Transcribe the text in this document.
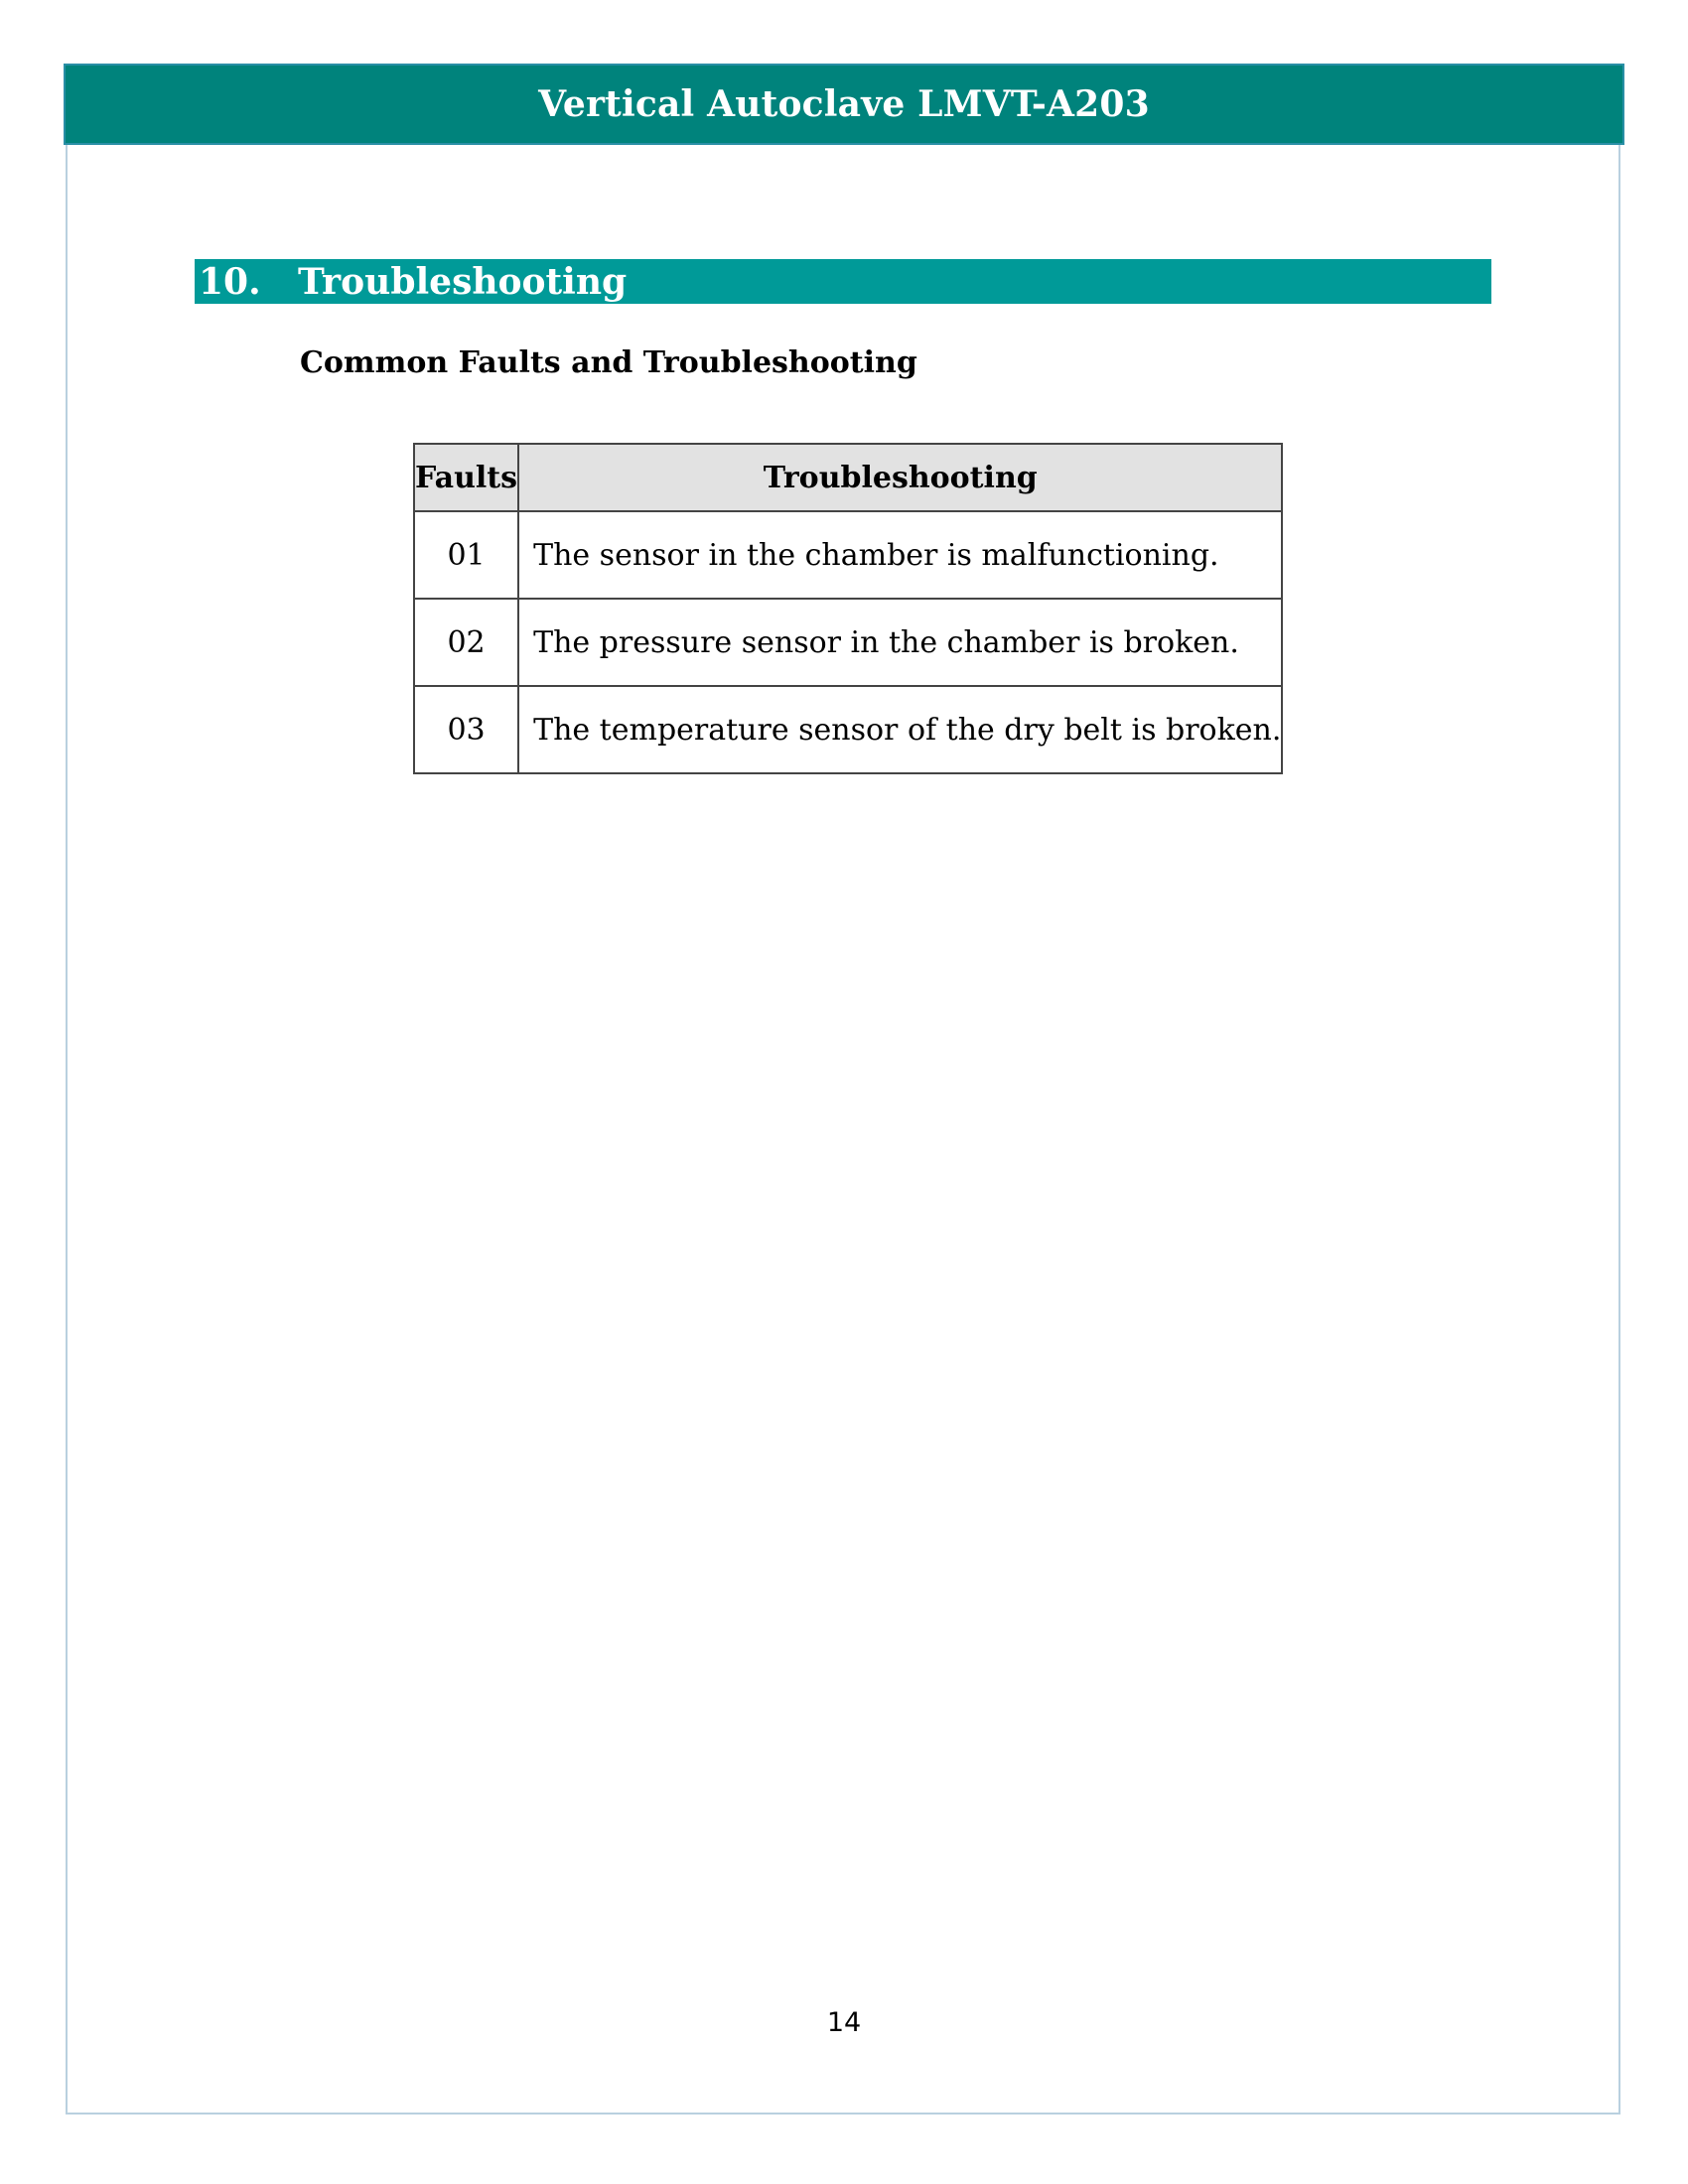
Vertical Autoclave LMVT-A203
10. Troubleshooting
Common Faults and Troubleshooting
Faults	Troubleshooting
01	The sensor in the chamber is malfunctioning.
02	The pressure sensor in the chamber is broken.
03	The temperature sensor of the dry belt is broken.
14
